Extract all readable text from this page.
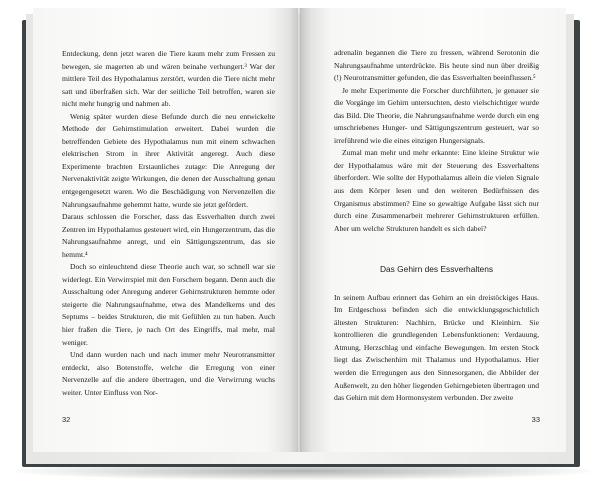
Entdeckung, denn jetzt waren die Tiere kaum mehr zum Fressen zu bewegen, sie magerten ab und wären beinahe verhungert.³ War der mittlere Teil des Hypothalamus zerstört, wurden die Tiere nicht mehr satt und überfraßen sich. War der seitliche Teil betroffen, waren sie nicht mehr hungrig und nahmen ab.

Wenig später wurden diese Befunde durch die neu entwickelte Methode der Gehirnstimulation erweitert. Dabei wurden die betreffenden Gebiete des Hypothalamus nun mit einem schwachen elektrischen Strom in ihrer Aktivität angeregt. Auch diese Experimente brachten Erstaunliches zutage: Die Anregung der Nervenaktivität zeigte Wirkungen, die denen der Ausschaltung genau entgegengesetzt waren. Wo die Beschädigung von Nervenzellen die Nahrungsaufnahme gehemmt hatte, wurde sie jetzt gefördert.

Daraus schlossen die Forscher, dass das Essverhalten durch zwei Zentren im Hypothalamus gesteuert wird, ein Hungerzentrum, das die Nahrungsaufnahme anregt, und ein Sättigungszentrum, das sie hemmt.⁴

Doch so einleuchtend diese Theorie auch war, so schnell war sie widerlegt. Ein Verwirrspiel mit den Forschern begann. Denn auch die Ausschaltung oder Anregung anderer Gehirnstrukturen hemmte oder steigerte die Nahrungsaufnahme, etwa des Mandelkerns und des Septums – beides Strukturen, die mit Gefühlen zu tun haben. Auch hier fraßen die Tiere, je nach Ort des Eingriffs, mal mehr, mal weniger.

Und dann wurden nach und nach immer mehr Neurotransmitter entdeckt, also Botenstoffe, welche die Erregung von einer Nervenzelle auf die andere übertragen, und die Verwirrung wuchs weiter. Unter Einfluss von Nor-

32

adrenalin begannen die Tiere zu fressen, während Serotonin die Nahrungsaufnahme unterdrückte. Bis heute sind nun über dreißig (!) Neurotransmitter gefunden, die das Essverhalten beeinflussen.⁵

Je mehr Experimente die Forscher durchführten, je genauer sie die Vorgänge im Gehirn untersuchten, desto vielschichtiger wurde das Bild. Die Theorie, die Nahrungsaufnahme werde durch ein eng umschriebenes Hunger- und Sättigungszentrum gesteuert, war so irreführend wie die eines einzigen Hungersignals.

Zumal man mehr und mehr erkannte: Eine kleine Struktur wie der Hypothalamus wäre mit der Steuerung des Essverhaltens überfordert. Wie sollte der Hypothalamus allein die vielen Signale aus dem Körper lesen und den weiteren Bedürfnissen des Organismus abstimmen? Eine so gewaltige Aufgabe lässt sich nur durch eine Zusammenarbeit mehrerer Gehirnstrukturen erfüllen. Aber um welche Strukturen handelt es sich dabei?

Das Gehirn des Essverhaltens

In seinem Aufbau erinnert das Gehirn an ein dreistöckiges Haus. Im Erdgeschoss befinden sich die entwicklungsgeschichtlich ältesten Strukturen: Nachhirn, Brücke und Kleinhirn. Sie kontrollieren die grundlegenden Lebensfunktionen: Verdauung, Atmung, Herzschlag und einfache Bewegungen. Im ersten Stock liegt das Zwischenhirn mit Thalamus und Hypothalamus. Hier werden die Erregungen aus den Sinnesorganen, die Abbilder der Außenwelt, zu den höher liegenden Gehirngebieten übertragen und das Gehirn mit dem Hormonsystem verbunden. Der zweite

33
